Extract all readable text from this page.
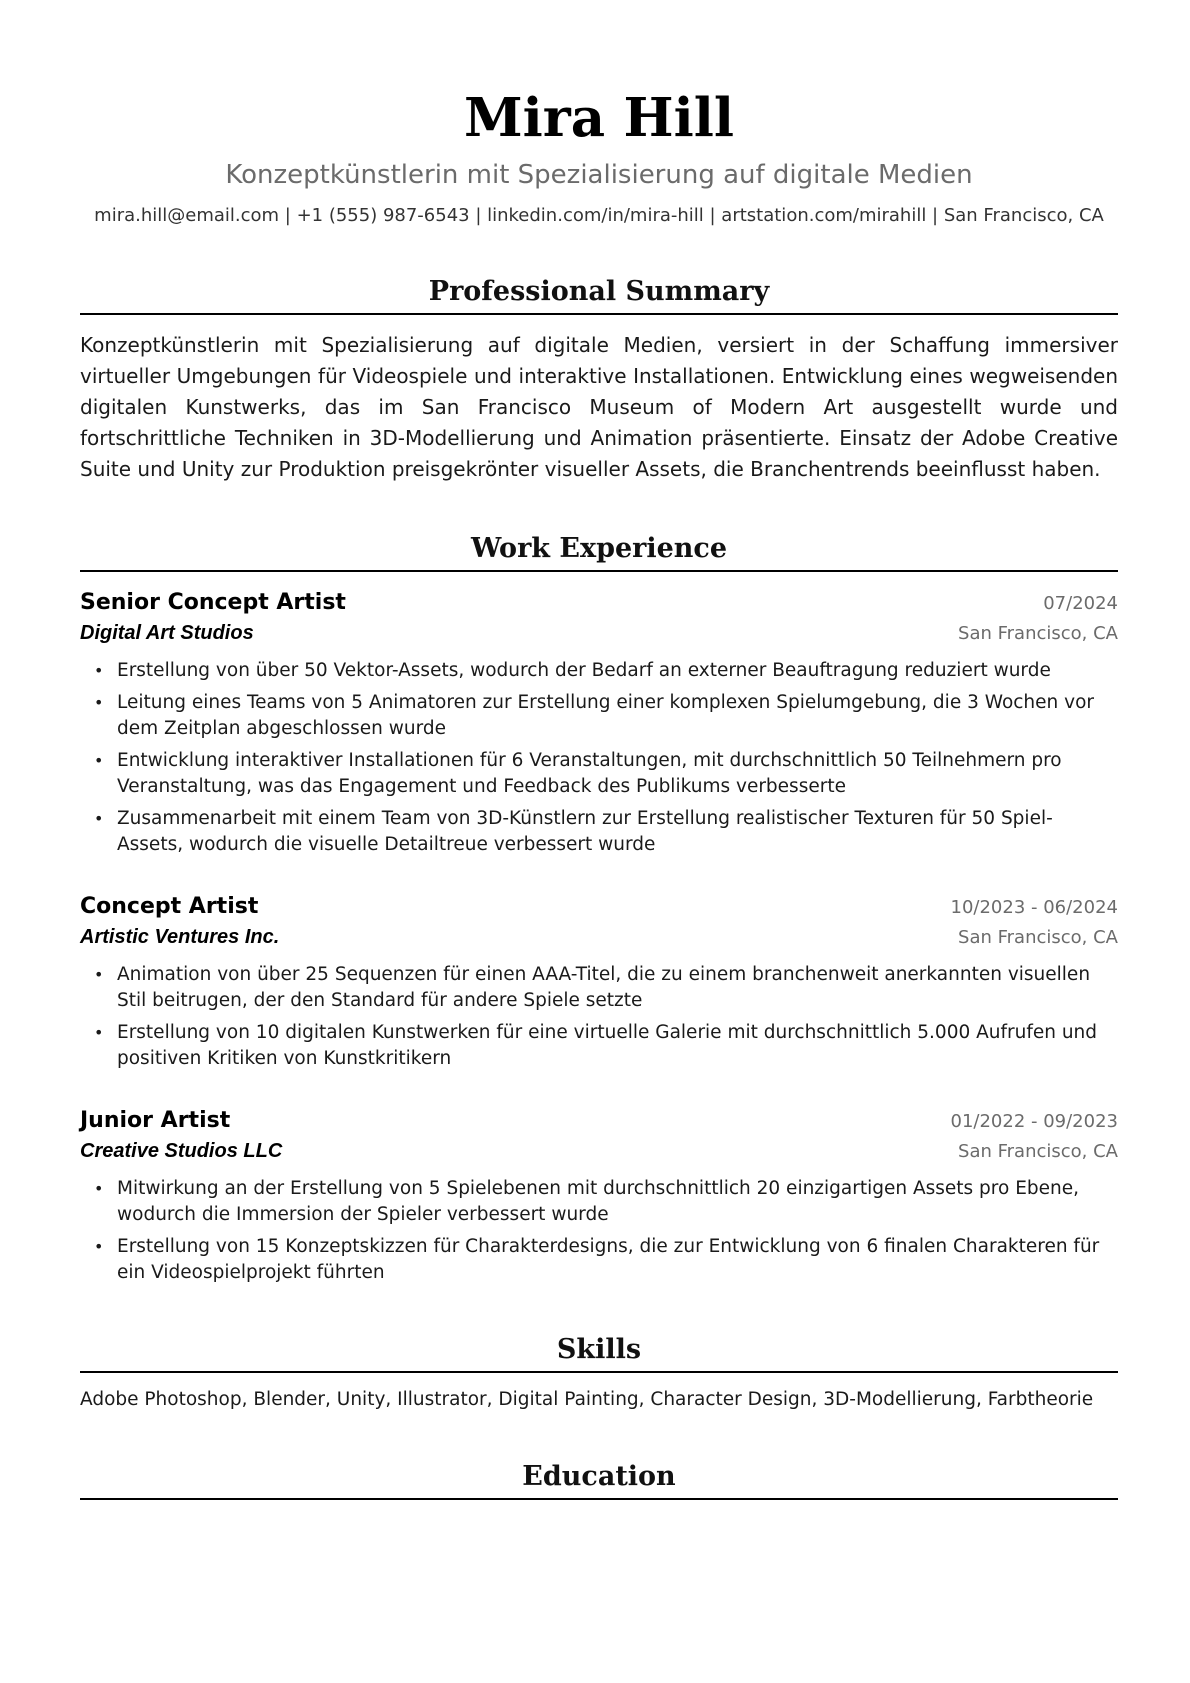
Mira Hill
Konzeptkünstlerin mit Spezialisierung auf digitale Medien
mira.hill@email.com | +1 (555) 987-6543 | linkedin.com/in/mira-hill | artstation.com/mirahill | San Francisco, CA
Professional Summary
Konzeptkünstlerin mit Spezialisierung auf digitale Medien, versiert in der Schaffung immersiver virtueller Umgebungen für Videospiele und interaktive Installationen. Entwicklung eines wegweisenden digitalen Kunstwerks, das im San Francisco Museum of Modern Art ausgestellt wurde und fortschrittliche Techniken in 3D-Modellierung und Animation präsentierte. Einsatz der Adobe Creative Suite und Unity zur Produktion preisgekrönter visueller Assets, die Branchentrends beeinflusst haben.
Work Experience
Senior Concept Artist	07/2024
Digital Art Studios	San Francisco, CA
• Erstellung von über 50 Vektor-Assets, wodurch der Bedarf an externer Beauftragung reduziert wurde
• Leitung eines Teams von 5 Animatoren zur Erstellung einer komplexen Spielumgebung, die 3 Wochen vor dem Zeitplan abgeschlossen wurde
• Entwicklung interaktiver Installationen für 6 Veranstaltungen, mit durchschnittlich 50 Teilnehmern pro Veranstaltung, was das Engagement und Feedback des Publikums verbesserte
• Zusammenarbeit mit einem Team von 3D-Künstlern zur Erstellung realistischer Texturen für 50 Spiel-Assets, wodurch die visuelle Detailtreue verbessert wurde
Concept Artist	10/2023 - 06/2024
Artistic Ventures Inc.	San Francisco, CA
• Animation von über 25 Sequenzen für einen AAA-Titel, die zu einem branchenweit anerkannten visuellen Stil beitrugen, der den Standard für andere Spiele setzte
• Erstellung von 10 digitalen Kunstwerken für eine virtuelle Galerie mit durchschnittlich 5.000 Aufrufen und positiven Kritiken von Kunstkritikern
Junior Artist	01/2022 - 09/2023
Creative Studios LLC	San Francisco, CA
• Mitwirkung an der Erstellung von 5 Spielebenen mit durchschnittlich 20 einzigartigen Assets pro Ebene, wodurch die Immersion der Spieler verbessert wurde
• Erstellung von 15 Konzeptskizzen für Charakterdesigns, die zur Entwicklung von 6 finalen Charakteren für ein Videospielprojekt führten
Skills
Adobe Photoshop, Blender, Unity, Illustrator, Digital Painting, Character Design, 3D-Modellierung, Farbtheorie
Education
